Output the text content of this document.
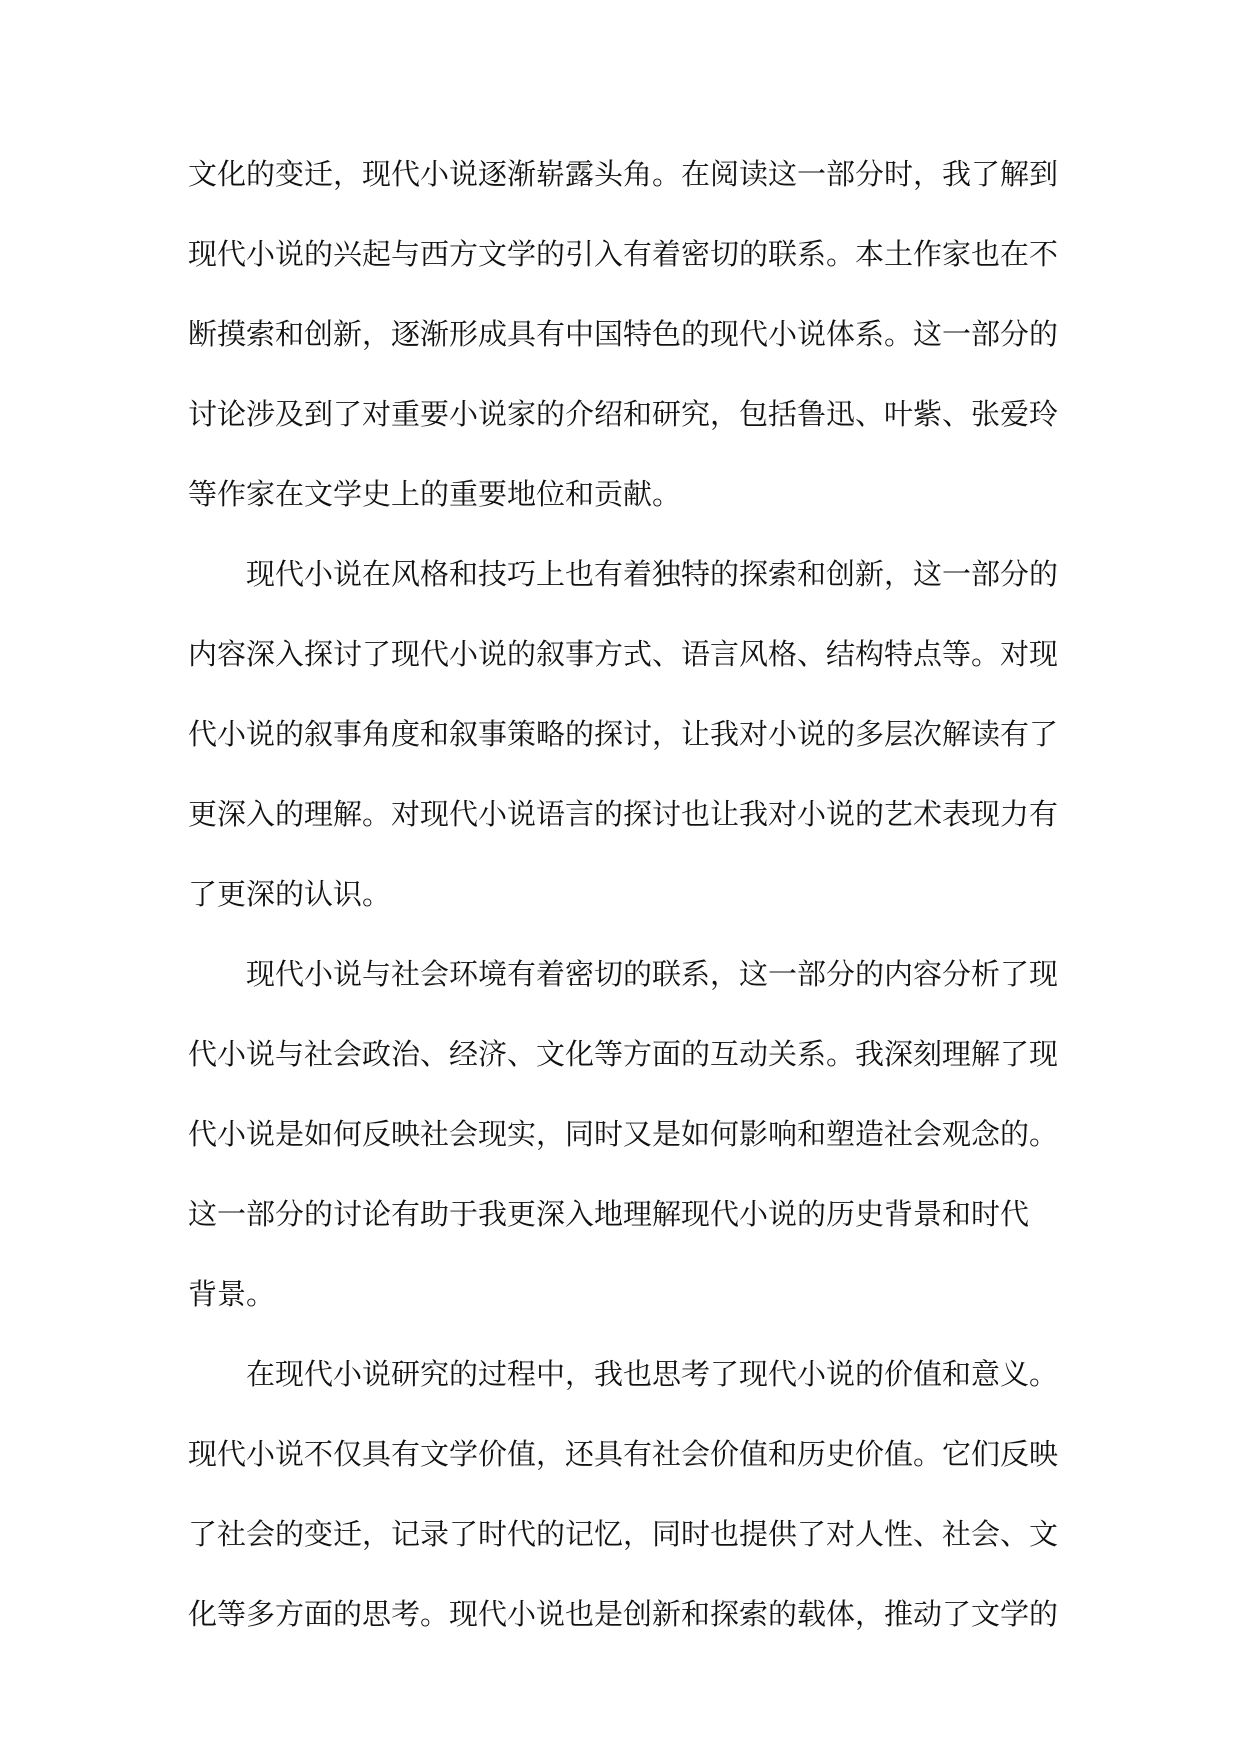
文化的变迁，现代小说逐渐崭露头角。在阅读这一部分时，我了解到
现代小说的兴起与西方文学的引入有着密切的联系。本土作家也在不
断摸索和创新，逐渐形成具有中国特色的现代小说体系。这一部分的
讨论涉及到了对重要小说家的介绍和研究，包括鲁迅、叶紫、张爱玲
等作家在文学史上的重要地位和贡献。
现代小说在风格和技巧上也有着独特的探索和创新，这一部分的
内容深入探讨了现代小说的叙事方式、语言风格、结构特点等。对现
代小说的叙事角度和叙事策略的探讨，让我对小说的多层次解读有了
更深入的理解。对现代小说语言的探讨也让我对小说的艺术表现力有
了更深的认识。
现代小说与社会环境有着密切的联系，这一部分的内容分析了现
代小说与社会政治、经济、文化等方面的互动关系。我深刻理解了现
代小说是如何反映社会现实，同时又是如何影响和塑造社会观念的。
这一部分的讨论有助于我更深入地理解现代小说的历史背景和时代
背景。
在现代小说研究的过程中，我也思考了现代小说的价值和意义。
现代小说不仅具有文学价值，还具有社会价值和历史价值。它们反映
了社会的变迁，记录了时代的记忆，同时也提供了对人性、社会、文
化等多方面的思考。现代小说也是创新和探索的载体，推动了文学的
